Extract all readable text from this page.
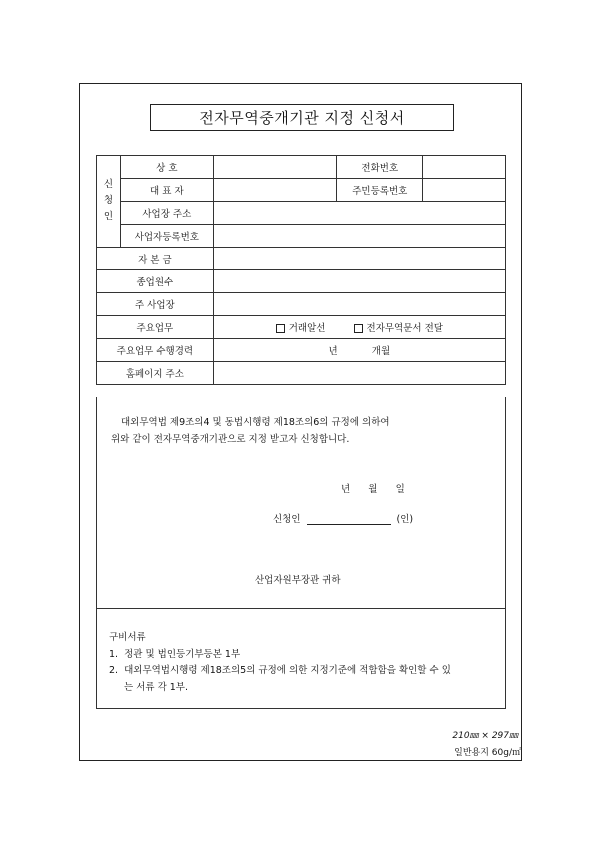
전자무역중개기관 지정 신청서
신
청
인	상 호		전화번호	
	대 표 자		주민등록번호	
	사업장 주소			
	사업자등록번호			
자 본 금				
종업원수				
주 사업장				
주요업무		거래알선 전자무역문서 전달		
주요업무 수행경력		년 개월		
홈페이지 주소				
대외무역법 제9조의4 및 동법시행령 제18조의6의 규정에 의하여
위와 같이 전자무역중개기관으로 지정 받고자 신청합니다.
년      월      일
신청인	(인)
산업자원부장관 귀하
구비서류
1.  정관 및 법인등기부등본 1부
2.  대외무역법시행령 제18조의5의 규정에 의한 지정기준에 적합함을 확인할 수 있
는 서류 각 1부.
210㎜ × 297㎜
일반용지 60g/㎡
